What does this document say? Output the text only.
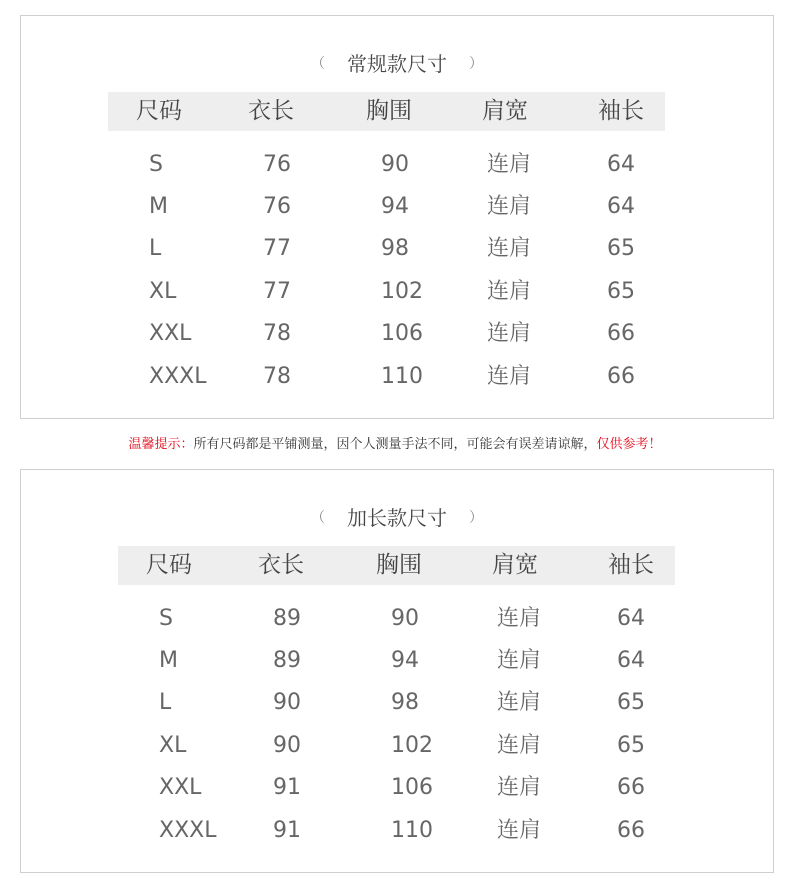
（ 常规款尺寸 ）
尺码	衣长	胸围	肩宽	袖长
S	76	90	连肩	64
M	76	94	连肩	64
L	77	98	连肩	65
XL	77	102	连肩	65
XXL	78	106	连肩	66
XXXL	78	110	连肩	66
温馨提示：所有尺码都是平铺测量，因个人测量手法不同，可能会有误差请谅解，仅供参考！
（ 加长款尺寸 ）
尺码	衣长	胸围	肩宽	袖长
S	89	90	连肩	64
M	89	94	连肩	64
L	90	98	连肩	65
XL	90	102	连肩	65
XXL	91	106	连肩	66
XXXL	91	110	连肩	66
